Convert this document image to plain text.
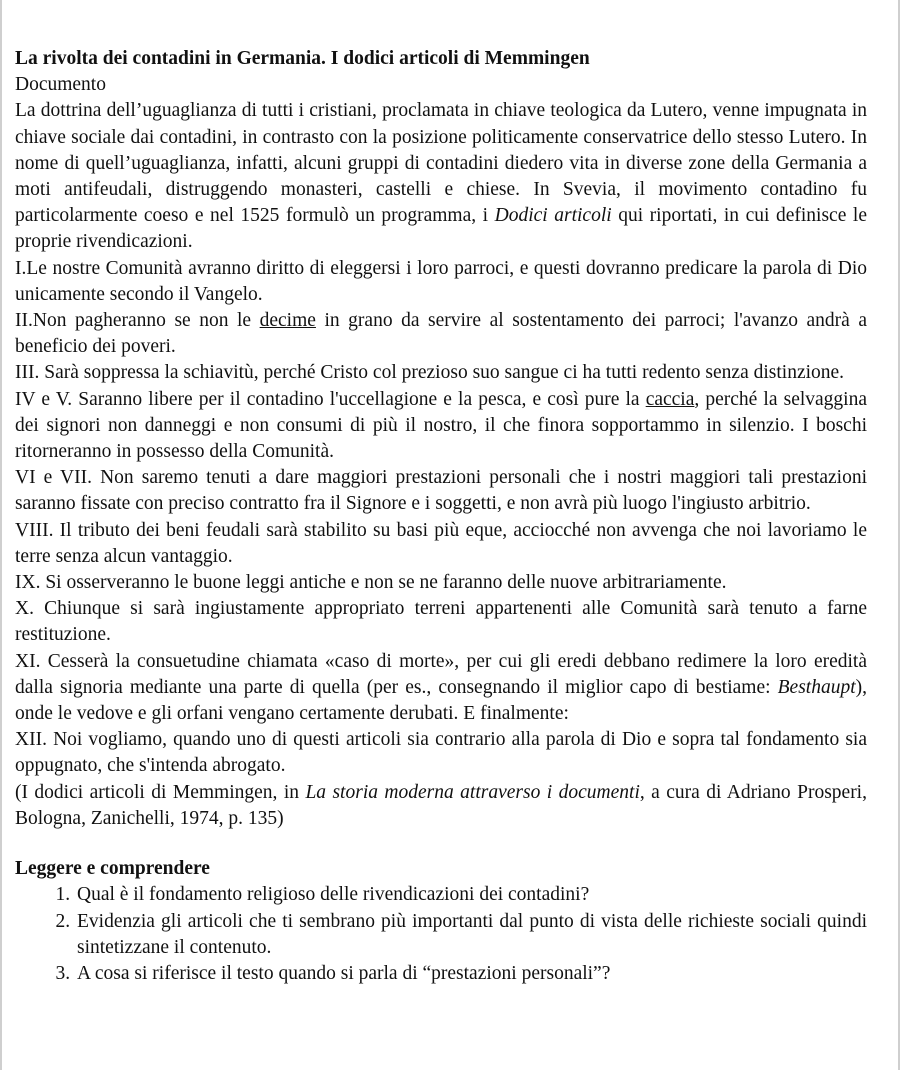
La rivolta dei contadini in Germania. I dodici articoli di Memmingen

Documento

La dottrina dell’uguaglianza di tutti i cristiani, proclamata in chiave teologica da Lutero, venne impugnata in chiave sociale dai contadini, in contrasto con la posizione politicamente conservatrice dello stesso Lutero. In nome di quell’uguaglianza, infatti, alcuni gruppi di contadini diedero vita in diverse zone della Germania a moti antifeudali, distruggendo monasteri, castelli e chiese. In Svevia, il movimento contadino fu particolarmente coeso e nel 1525 formulò un programma, i Dodici articoli qui riportati, in cui definisce le proprie rivendicazioni.

I.Le nostre Comunità avranno diritto di eleggersi i loro parroci, e questi dovranno predicare la parola di Dio unicamente secondo il Vangelo.

II.Non pagheranno se non le decime in grano da servire al sostentamento dei parroci; l'avanzo andrà a beneficio dei poveri.

III. Sarà soppressa la schiavitù, perché Cristo col prezioso suo sangue ci ha tutti redento senza distinzione.

IV e V. Saranno libere per il contadino l'uccellagione e la pesca, e così pure la caccia, perché la selvaggina dei signori non danneggi e non consumi di più il nostro, il che finora sopportammo in silenzio. I boschi ritorneranno in possesso della Comunità.

VI e VII. Non saremo tenuti a dare maggiori prestazioni personali che i nostri maggiori tali prestazioni saranno fissate con preciso contratto fra il Signore e i soggetti, e non avrà più luogo l'ingiusto arbitrio.

VIII. Il tributo dei beni feudali sarà stabilito su basi più eque, acciocché non avvenga che noi lavoriamo le terre senza alcun vantaggio.

IX. Si osserveranno le buone leggi antiche e non se ne faranno delle nuove arbitrariamente.

X. Chiunque si sarà ingiustamente appropriato terreni appartenenti alle Comunità sarà tenuto a farne restituzione.

XI. Cesserà la consuetudine chiamata «caso di morte», per cui gli eredi debbano redimere la loro eredità dalla signoria mediante una parte di quella (per es., consegnando il miglior capo di bestiame: Besthaupt), onde le vedove e gli orfani vengano certamente derubati. E finalmente:

XII. Noi vogliamo, quando uno di questi articoli sia contrario alla parola di Dio e sopra tal fondamento sia oppugnato, che s'intenda abrogato.

(I dodici articoli di Memmingen, in La storia moderna attraverso i documenti, a cura di Adriano Prosperi, Bologna, Zanichelli, 1974, p. 135)

Leggere e comprendere

1. Qual è il fondamento religioso delle rivendicazioni dei contadini?
2. Evidenzia gli articoli che ti sembrano più importanti dal punto di vista delle richieste sociali quindi sintetizzane il contenuto.
3. A cosa si riferisce il testo quando si parla di “prestazioni personali”?
